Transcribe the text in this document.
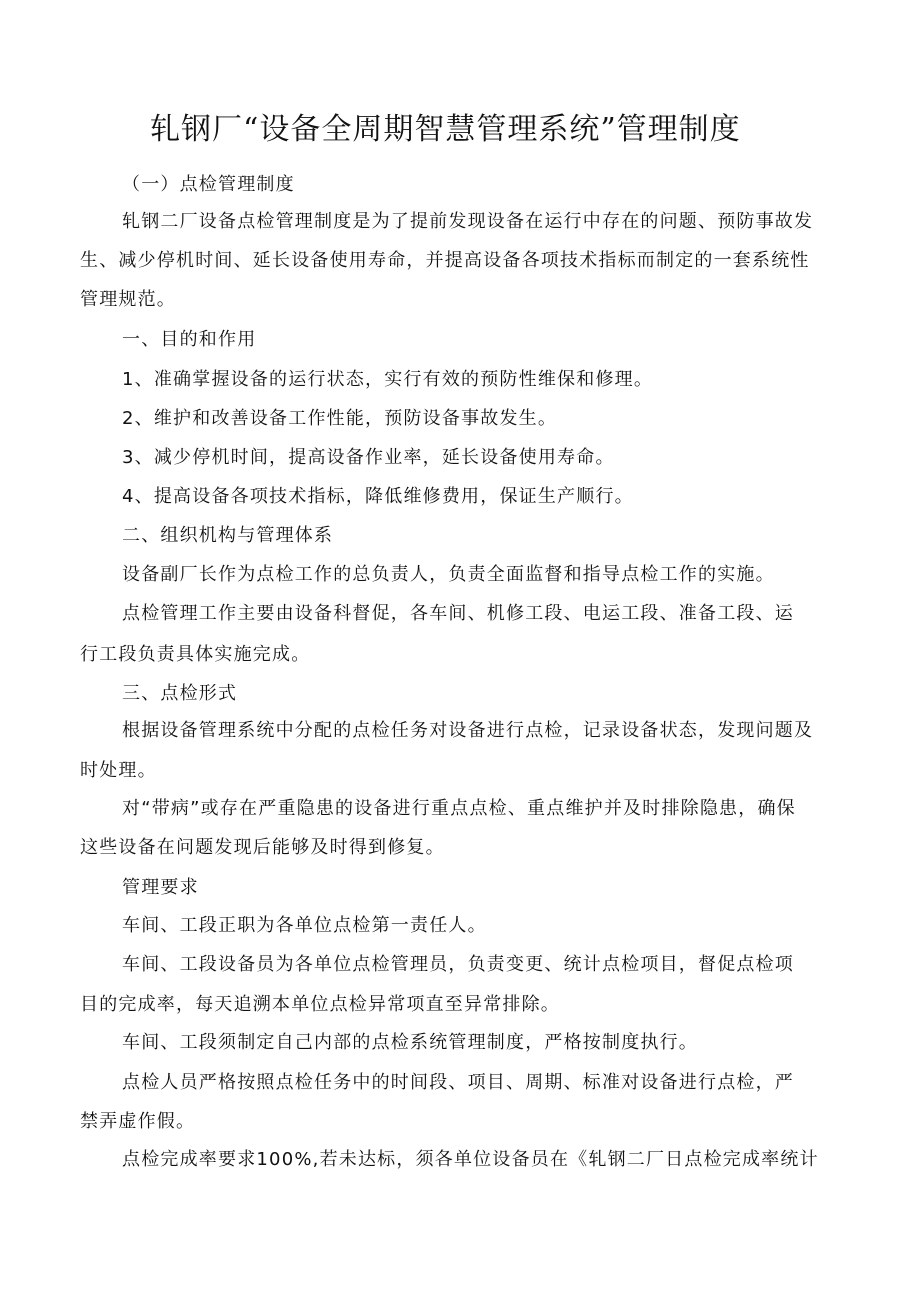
轧钢厂“设备全周期智慧管理系统”管理制度

（一）点检管理制度

轧钢二厂设备点检管理制度是为了提前发现设备在运行中存在的问题、预防事故发

生、减少停机时间、延长设备使用寿命，并提高设备各项技术指标而制定的一套系统性

管理规范。

一、目的和作用

1、准确掌握设备的运行状态，实行有效的预防性维保和修理。

2、维护和改善设备工作性能，预防设备事故发生。

3、减少停机时间，提高设备作业率，延长设备使用寿命。

4、提高设备各项技术指标，降低维修费用，保证生产顺行。

二、组织机构与管理体系

设备副厂长作为点检工作的总负责人，负责全面监督和指导点检工作的实施。

点检管理工作主要由设备科督促，各车间、机修工段、电运工段、准备工段、运

行工段负责具体实施完成。

三、点检形式

根据设备管理系统中分配的点检任务对设备进行点检，记录设备状态，发现问题及

时处理。

对“带病”或存在严重隐患的设备进行重点点检、重点维护并及时排除隐患，确保

这些设备在问题发现后能够及时得到修复。

管理要求

车间、工段正职为各单位点检第一责任人。

车间、工段设备员为各单位点检管理员，负责变更、统计点检项目，督促点检项

目的完成率，每天追溯本单位点检异常项直至异常排除。

车间、工段须制定自己内部的点检系统管理制度，严格按制度执行。

点检人员严格按照点检任务中的时间段、项目、周期、标准对设备进行点检，严

禁弄虚作假。

点检完成率要求100%,若未达标，须各单位设备员在《轧钢二厂日点检完成率统计
